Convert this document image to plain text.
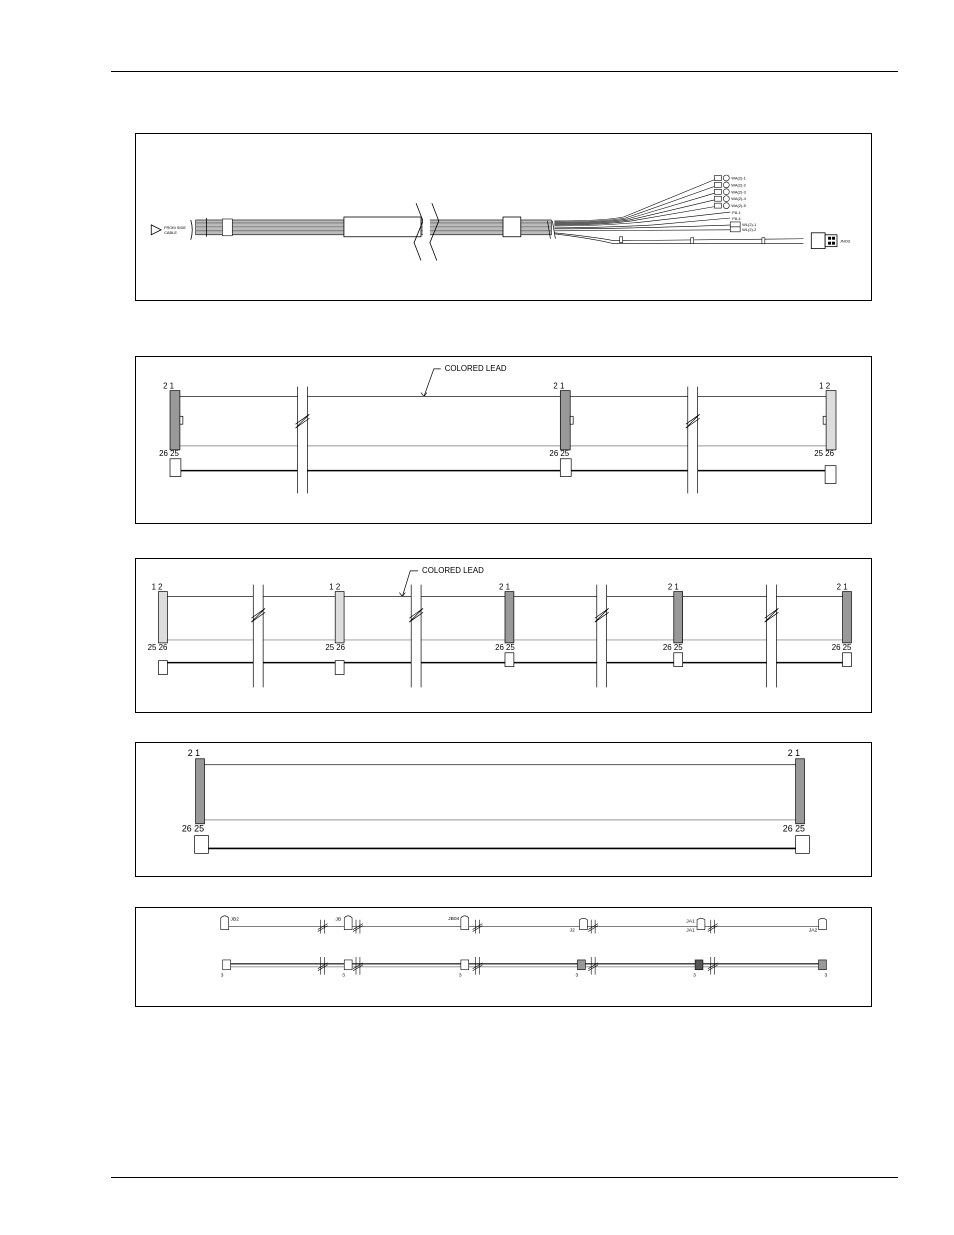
FROM SIDE
CABLE
WA(2)-1
WA(2)-2
WA(2)-3
WA(2)-4
WA(2)-5
P8-1
P8-4
WL(2)-1
WL(2)-2
JNO3
COLORED LEAD
2 1	2 1	1 2
26 25	26 25	25 26
COLORED LEAD
1 2	1 2	2 1	2 1	2 1
25 26	25 26	26 25	26 25	26 25
2 1	2 1
26 25	26 25
JB2	JB	JB04
J2
JA1
JA1	JA2
3	3	3	3	3	3
